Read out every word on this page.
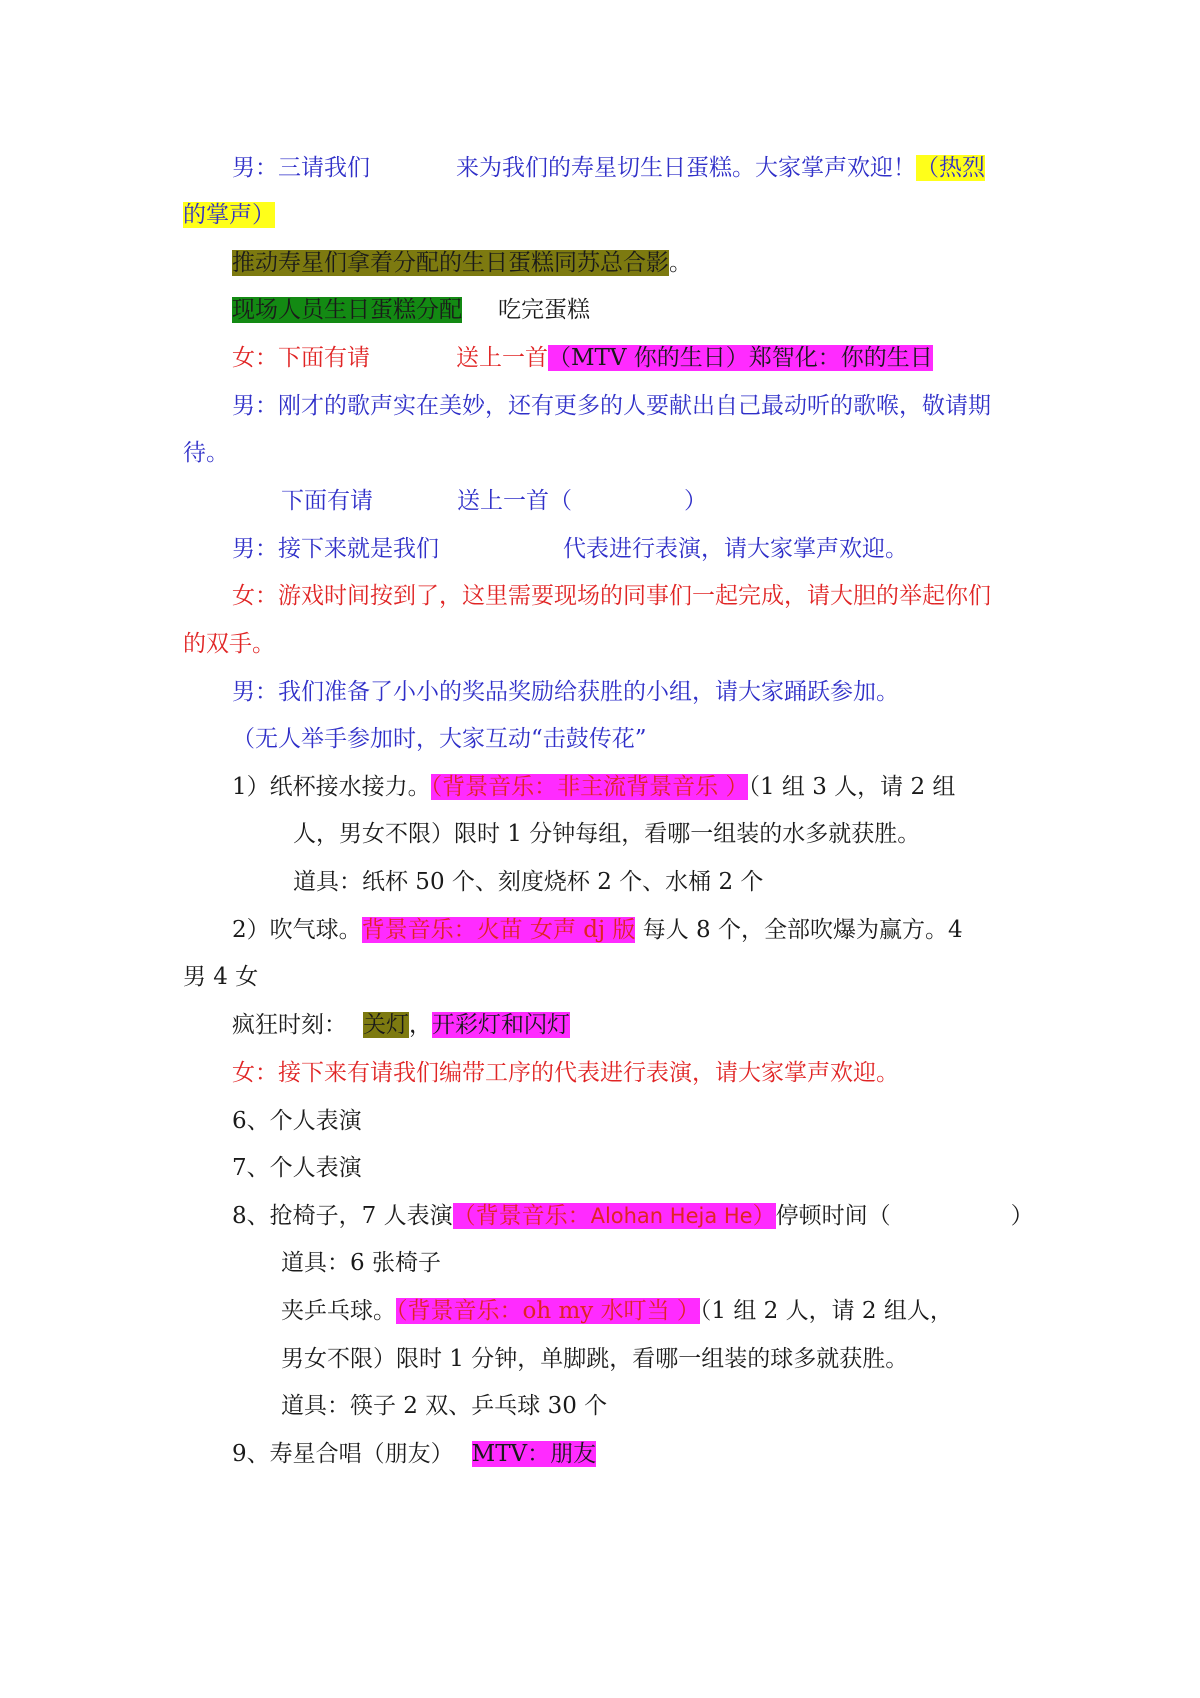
男：三请我们	来为我们的寿星切生日蛋糕。大家掌声欢迎！（热烈
的掌声）
推动寿星们拿着分配的生日蛋糕同苏总合影。
现场人员生日蛋糕分配 吃完蛋糕
女：下面有请	送上一首（MTV 你的生日）郑智化：你的生日
男：刚才的歌声实在美妙，还有更多的人要献出自己最动听的歌喉，敬请期
待。
下面有请	送上一首（	）
男：接下来就是我们	代表进行表演，请大家掌声欢迎。
女：游戏时间按到了，这里需要现场的同事们一起完成，请大胆的举起你们
的双手。
男：我们准备了小小的奖品奖励给获胜的小组，请大家踊跃参加。
（无人举手参加时，大家互动“击鼓传花”
1）纸杯接水接力。（背景音乐：非主流背景音乐 ）（1 组 3 人，请 2 组
人，男女不限）限时 1 分钟每组，看哪一组装的水多就获胜。
道具：纸杯 50 个、刻度烧杯 2 个、水桶 2 个
2）吹气球。背景音乐：火苗 女声 dj 版 每人 8 个，全部吹爆为赢方。4
男 4 女
疯狂时刻： 关灯，开彩灯和闪灯
女：接下来有请我们编带工序的代表进行表演，请大家掌声欢迎。
6、个人表演
7、个人表演
8、抢椅子，7 人表演（背景音乐：Alohan Heja He）停顿时间（	）
道具：6 张椅子
夹乒乓球。（背景音乐：oh my 水叮当 ）（1 组 2 人，请 2 组人，
男女不限）限时 1 分钟，单脚跳，看哪一组装的球多就获胜。
道具：筷子 2 双、乒乓球 30 个
9、寿星合唱（朋友） MTV：朋友
